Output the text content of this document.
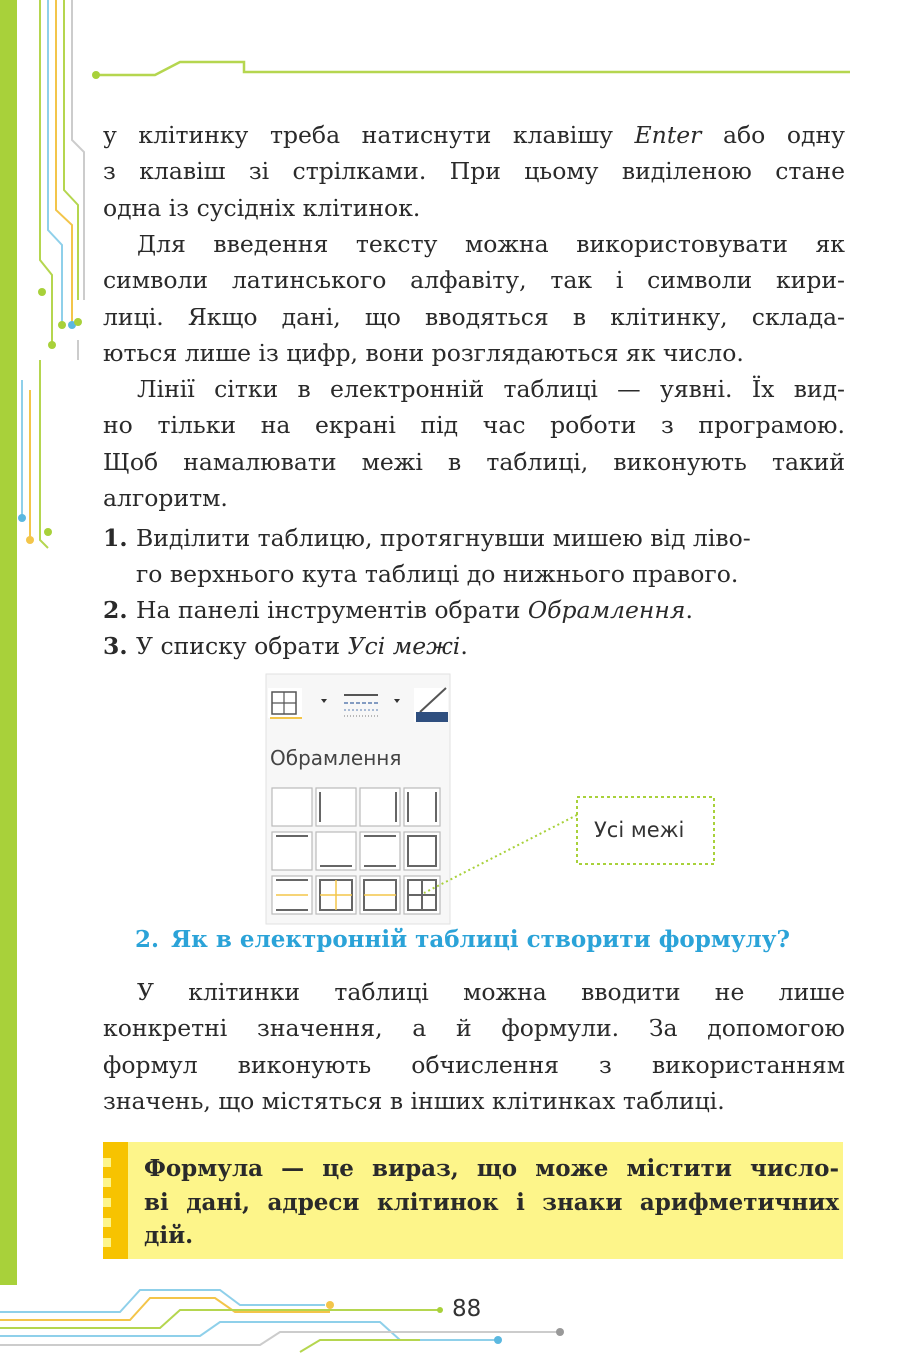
у клітинку треба натиснути клавішу Enter або одну
з клавіш зі стрілками. При цьому виділеною стане
одна із сусідніх клітинок.

Для введення тексту можна використовувати як
символи латинського алфавіту, так і символи кири-
лиці. Якщо дані, що вводяться в клітинку, склада-
ються лише із цифр, вони розглядаються як число.

Лінії сітки в електронній таблиці — уявні. Їх вид-
но тільки на екрані під час роботи з програмою.
Щоб намалювати межі в таблиці, виконують такий
алгоритм.

1. Виділити таблицю, протягнувши мишею від ліво-
го верхнього кута таблиці до нижнього правого.
2. На панелі інструментів обрати Обрамлення.
3. У списку обрати Усі межі.
Обрамлення
Усі межі
2. Як в електронній таблиці створити формулу?

У клітинки таблиці можна вводити не лише
конкретні значення, а й формули. За допомогою
формул виконують обчислення з використанням
значень, що містяться в інших клітинках таблиці.

Формула — це вираз, що може містити число-
ві дані, адреси клітинок і знаки арифметичних
дій.

88
